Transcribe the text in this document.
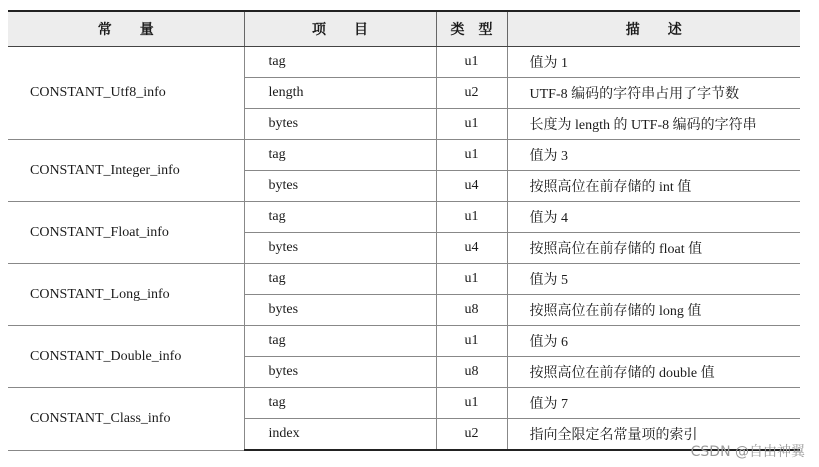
常　　量	项　　目	类　型	描　　述
CONSTANT_Utf8_info	tag	u1	值为 1
	length	u2	UTF-8 编码的字符串占用了字节数
	bytes	u1	长度为 length 的 UTF-8 编码的字符串
CONSTANT_Integer_info	tag	u1	值为 3
	bytes	u4	按照高位在前存储的 int 值
CONSTANT_Float_info	tag	u1	值为 4
	bytes	u4	按照高位在前存储的 float 值
CONSTANT_Long_info	tag	u1	值为 5
	bytes	u8	按照高位在前存储的 long 值
CONSTANT_Double_info	tag	u1	值为 6
	bytes	u8	按照高位在前存储的 double 值
CONSTANT_Class_info	tag	u1	值为 7
	index	u2	指向全限定名常量项的索引
CSDN @自由神翼
